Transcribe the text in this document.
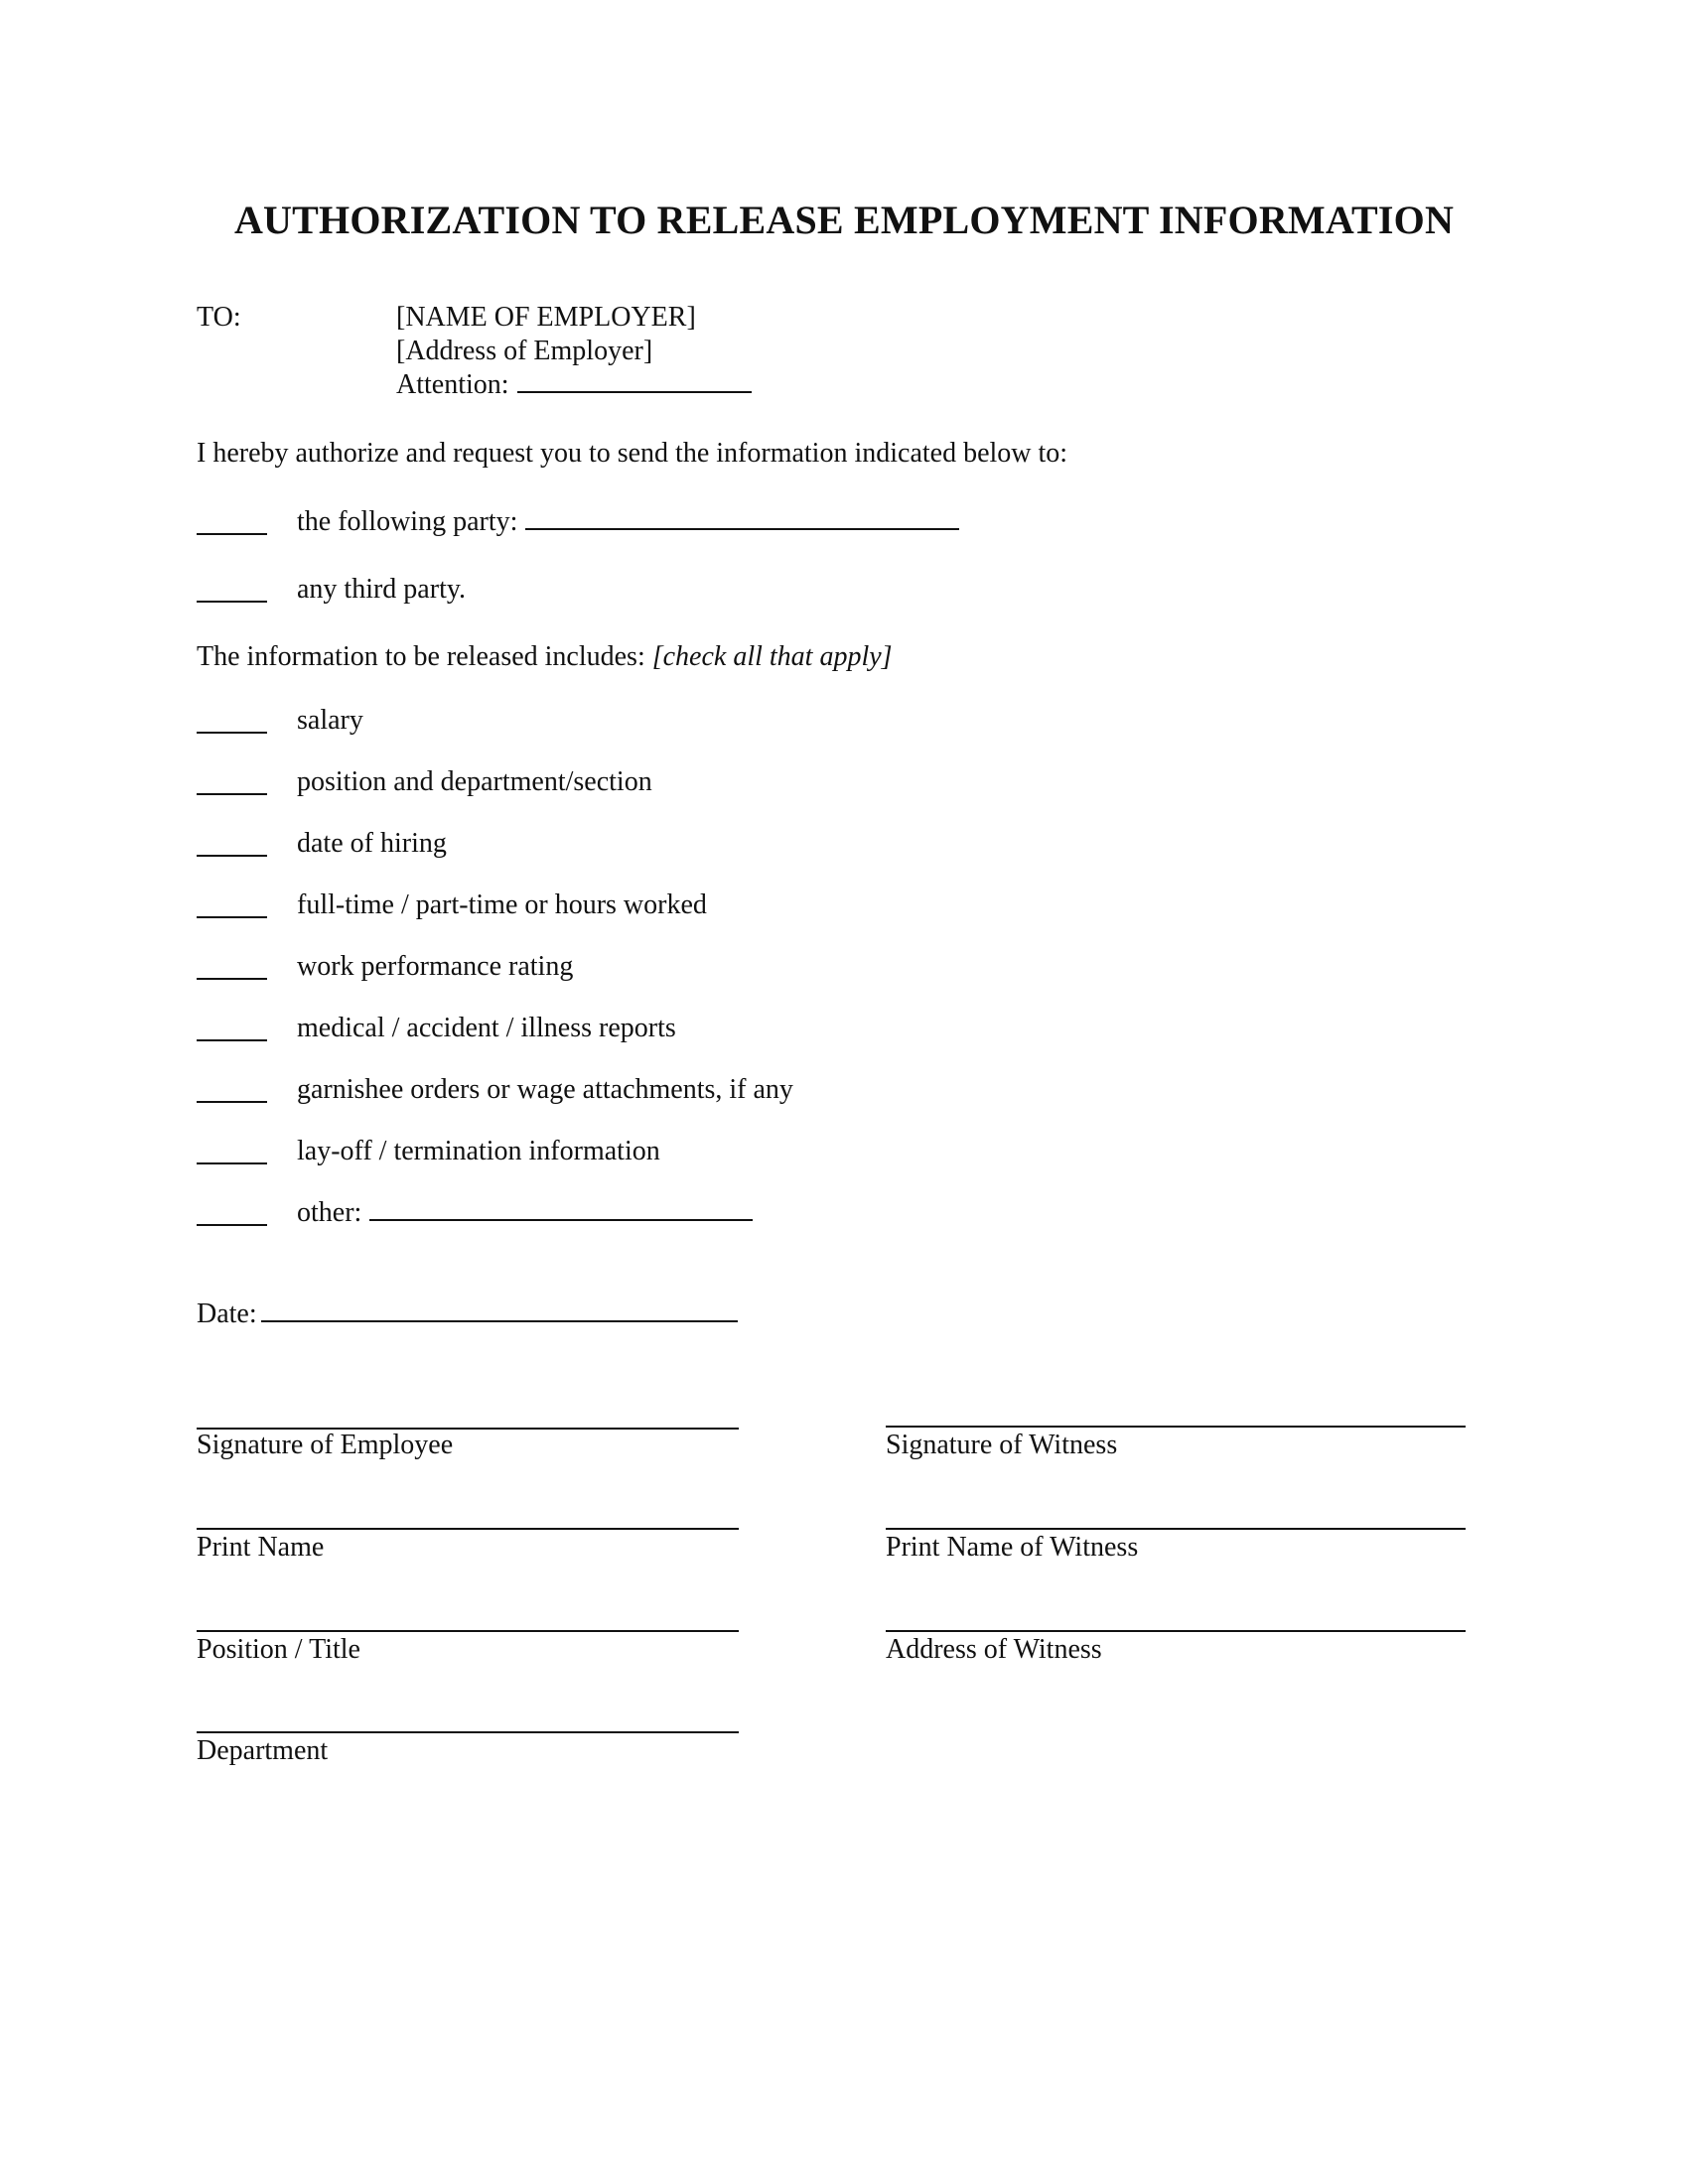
AUTHORIZATION TO RELEASE EMPLOYMENT INFORMATION
TO:	[NAME OF EMPLOYER]
[Address of Employer]
Attention:
I hereby authorize and request you to send the information indicated below to:
the following party:
any third party.
The information to be released includes: [check all that apply]
salary
position and department/section
date of hiring
full-time / part-time or hours worked
work performance rating
medical / accident / illness reports
garnishee orders or wage attachments, if any
lay-off / termination information
other:
Date:
Signature of Employee
Print Name
Position / Title
Department
Signature of Witness
Print Name of Witness
Address of Witness
